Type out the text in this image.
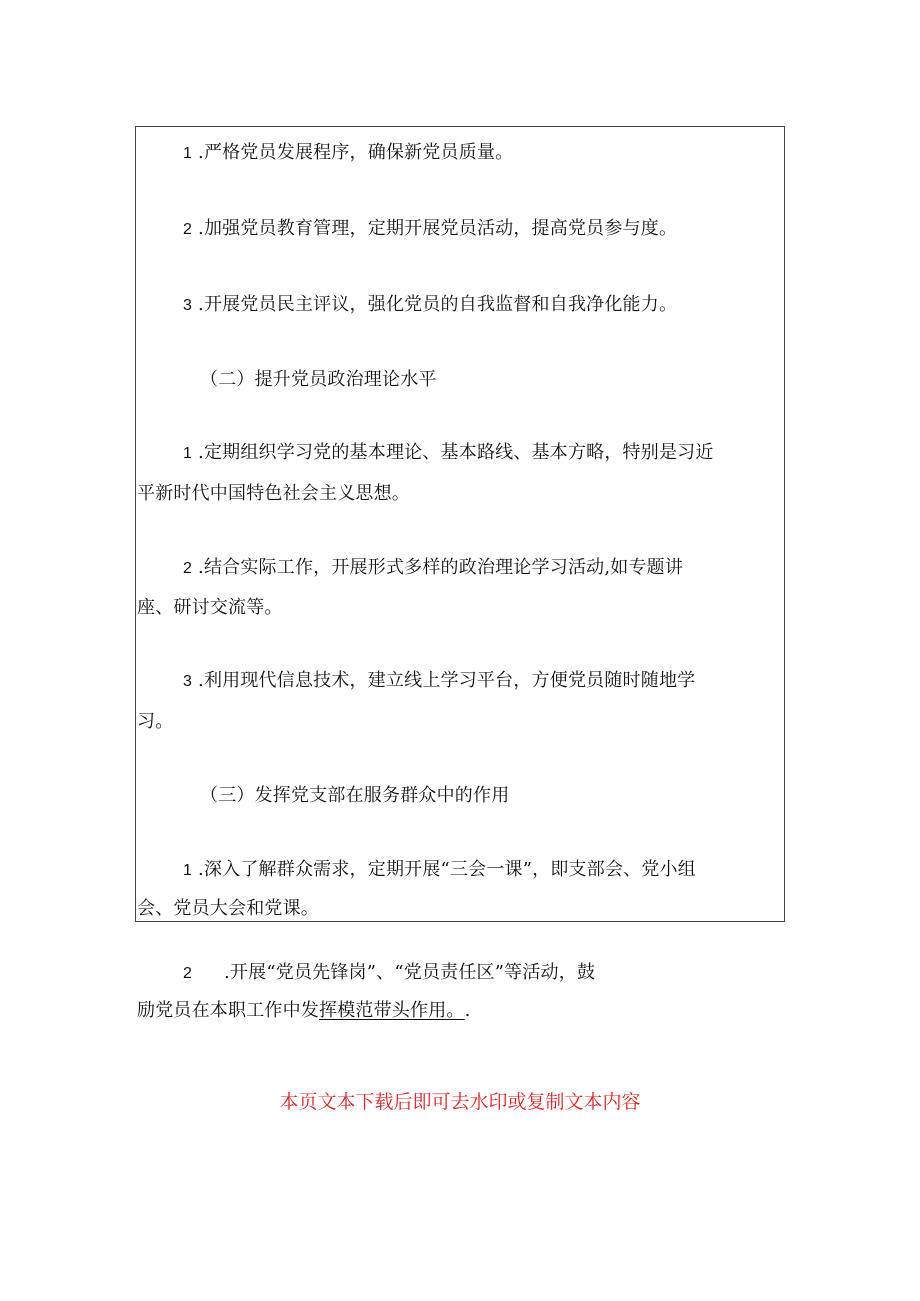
1 .严格党员发展程序，确保新党员质量。
2 .加强党员教育管理，定期开展党员活动，提高党员参与度。
3 .开展党员民主评议，强化党员的自我监督和自我净化能力。
（二）提升党员政治理论水平
1 .定期组织学习党的基本理论、基本路线、基本方略，特别是习近
平新时代中国特色社会主义思想。
2 .结合实际工作，开展形式多样的政治理论学习活动,如专题讲
座、研讨交流等。
3 .利用现代信息技术，建立线上学习平台，方便党员随时随地学
习。
（三）发挥党支部在服务群众中的作用
1 .深入了解群众需求，定期开展“三会一课”，即支部会、党小组
会、党员大会和党课。
2 .开展“党员先锋岗”、“党员责任区”等活动，鼓
励党员在本职工作中发挥模范带头作用。.
本页文本下载后即可去水印或复制文本内容
